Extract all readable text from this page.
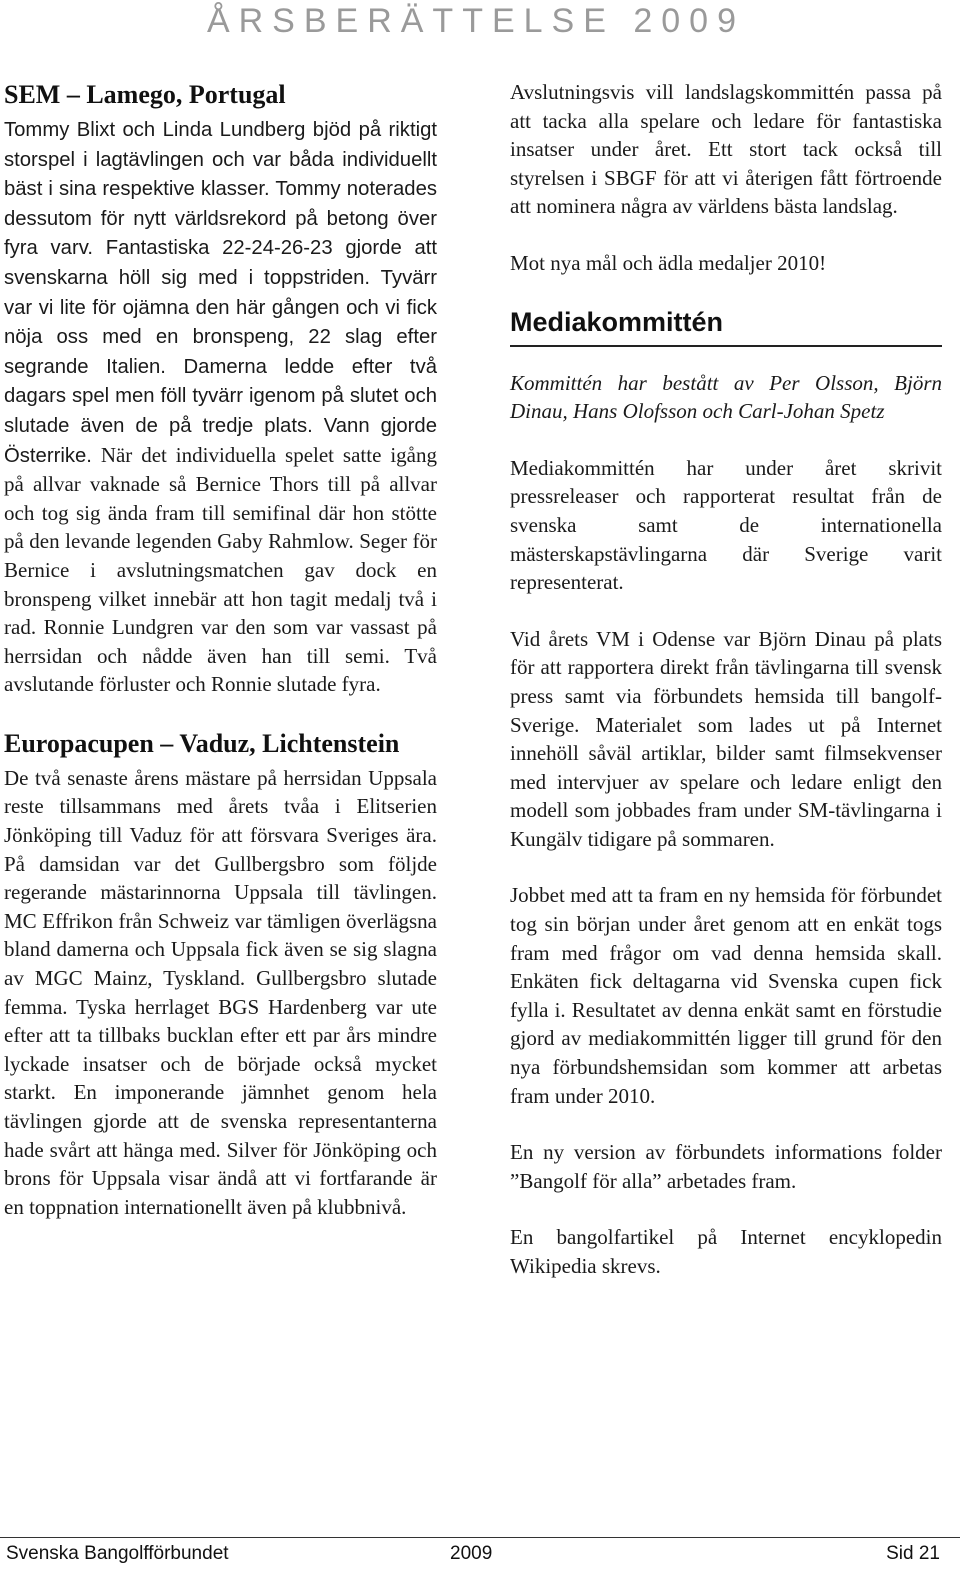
ÅRSBERÄTTELSE 2009
SEM – Lamego, Portugal

Tommy Blixt och Linda Lundberg bjöd på riktigt storspel i lagtävlingen och var båda individuellt bäst i sina respektive klasser. Tommy noterades dessutom för nytt världsrekord på betong över fyra varv. Fantastiska 22-24-26-23 gjorde att svenskarna höll sig med i toppstriden. Tyvärr var vi lite för ojämna den här gången och vi fick nöja oss med en bronspeng, 22 slag efter segrande Italien. Damerna ledde efter två dagars spel men föll tyvärr igenom på slutet och slutade även de på tredje plats. Vann gjorde Österrike. När det individuella spelet satte igång på allvar vaknade så Bernice Thors till på allvar och tog sig ända fram till semifinal där hon stötte på den levande legenden Gaby Rahmlow. Seger för Bernice i avslutningsmatchen gav dock en bronspeng vilket innebär att hon tagit medalj två i rad. Ronnie Lundgren var den som var vassast på herrsidan och nådde även han till semi. Två avslutande förluster och Ronnie slutade fyra.

Europacupen – Vaduz, Lichtenstein

De två senaste årens mästare på herrsidan Uppsala reste tillsammans med årets tvåa i Elitserien Jönköping till Vaduz för att försvara Sveriges ära. På damsidan var det Gullbergsbro som följde regerande mästarinnorna Uppsala till tävlingen. MC Effrikon från Schweiz var tämligen överlägsna bland damerna och Uppsala fick även se sig slagna av MGC Mainz, Tyskland. Gullbergsbro slutade femma. Tyska herrlaget BGS Hardenberg var ute efter att ta tillbaks bucklan efter ett par års mindre lyckade insatser och de började också mycket starkt. En imponerande jämnhet genom hela tävlingen gjorde att de svenska representanterna hade svårt att hänga med. Silver för Jönköping och brons för Uppsala visar ändå att vi fortfarande är en toppnation internationellt även på klubbnivå.

Avslutningsvis vill landslagskommittén passa på att tacka alla spelare och ledare för fantastiska insatser under året. Ett stort tack också till styrelsen i SBGF för att vi återigen fått förtroende att nominera några av världens bästa landslag.

Mot nya mål och ädla medaljer 2010!

Mediakommittén

Kommittén har bestått av Per Olsson, Björn Dinau, Hans Olofsson och Carl-Johan Spetz

Mediakommittén har under året skrivit pressreleaser och rapporterat resultat från de svenska samt de internationella mästerskapstävlingarna där Sverige varit representerat.

Vid årets VM i Odense var Björn Dinau på plats för att rapportera direkt från tävlingarna till svensk press samt via förbundets hemsida till bangolf-Sverige. Materialet som lades ut på Internet innehöll såväl artiklar, bilder samt filmsekvenser med intervjuer av spelare och ledare enligt den modell som jobbades fram under SM-tävlingarna i Kungälv tidigare på sommaren.

Jobbet med att ta fram en ny hemsida för förbundet tog sin början under året genom att en enkät togs fram med frågor om vad denna hemsida skall. Enkäten fick deltagarna vid Svenska cupen fick fylla i. Resultatet av denna enkät samt en förstudie gjord av mediakommittén ligger till grund för den nya förbundshemsidan som kommer att arbetas fram under 2010.

En ny version av förbundets informations folder ”Bangolf för alla” arbetades fram.

En bangolfartikel på Internet encyklopedin Wikipedia skrevs.

Svenska Bangolfförbundet	2009	Sid 21
